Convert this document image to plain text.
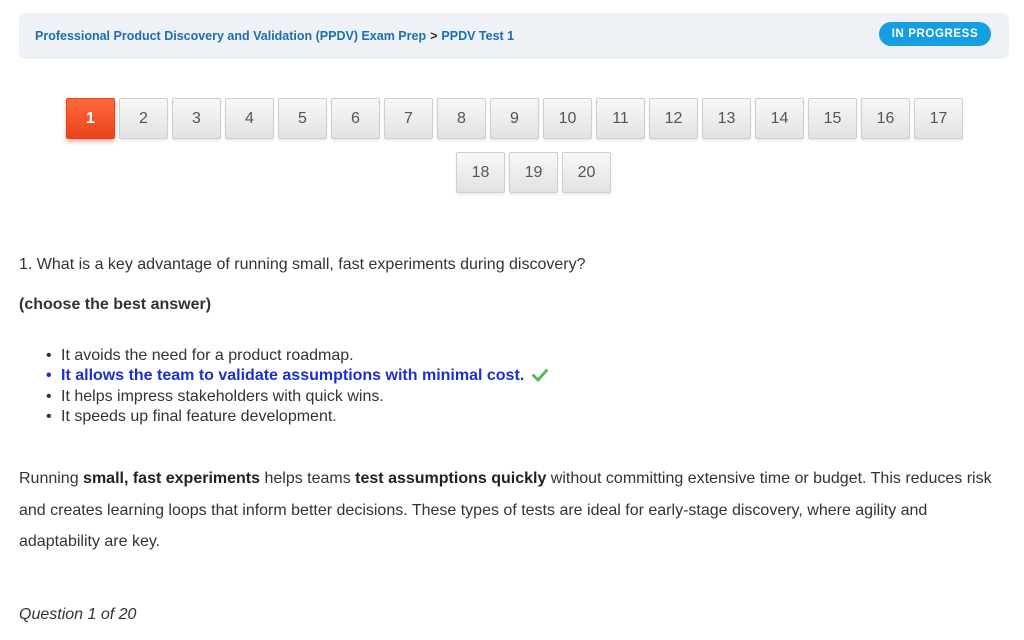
Professional Product Discovery and Validation (PPDV) Exam Prep > PPDV Test 1	IN PROGRESS
1	2	3	4	5	6	7	8	9	10	11	12	13	14	15	16	17
18	19	20
1. What is a key advantage of running small, fast experiments during discovery?
(choose the best answer)
• It avoids the need for a product roadmap.
• It allows the team to validate assumptions with minimal cost.
• It helps impress stakeholders with quick wins.
• It speeds up final feature development.
Running small, fast experiments helps teams test assumptions quickly without committing extensive time or budget. This reduces risk and creates learning loops that inform better decisions. These types of tests are ideal for early-stage discovery, where agility and adaptability are key.
Question 1 of 20
